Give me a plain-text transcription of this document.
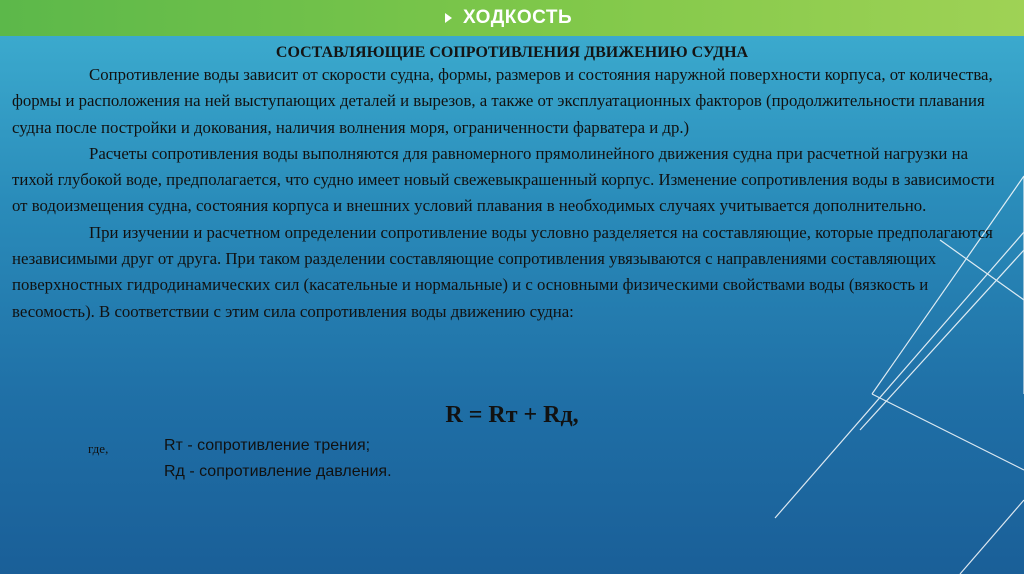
ХОДКОСТЬ
СОСТАВЛЯЮЩИЕ СОПРОТИВЛЕНИЯ ДВИЖЕНИЮ СУДНА

Сопротивление воды зависит от скорости судна, формы, размеров и состояния наружной поверхности корпуса, от количества, формы и расположения на ней выступающих деталей и вырезов, а также от эксплуатационных факторов (продолжительности плавания судна после постройки и докования, наличия волнения моря, ограниченности фарватера и др.)

Расчеты сопротивления воды выполняются для равномерного прямолинейного движения судна при расчетной нагрузки на тихой глубокой воде, предполагается, что судно имеет новый свежевыкрашенный корпус. Изменение сопротивления воды в зависимости от водоизмещения судна, состояния корпуса и внешних условий плавания в необходимых случаях учитывается дополнительно.

При изучении и расчетном определении сопротивление воды условно разделяется на составляющие, которые предполагаются независимыми друг от друга. При таком разделении составляющие сопротивления увязываются с направлениями составляющих поверхностных гидродинамических сил (касательные и нормальные) и с основными физическими свойствами воды (вязкость и весомость). В соответствии с этим сила сопротивления воды движению судна:

R = Rт + Rд,
где,	Rт - сопротивление трения;
Rд - сопротивление давления.
